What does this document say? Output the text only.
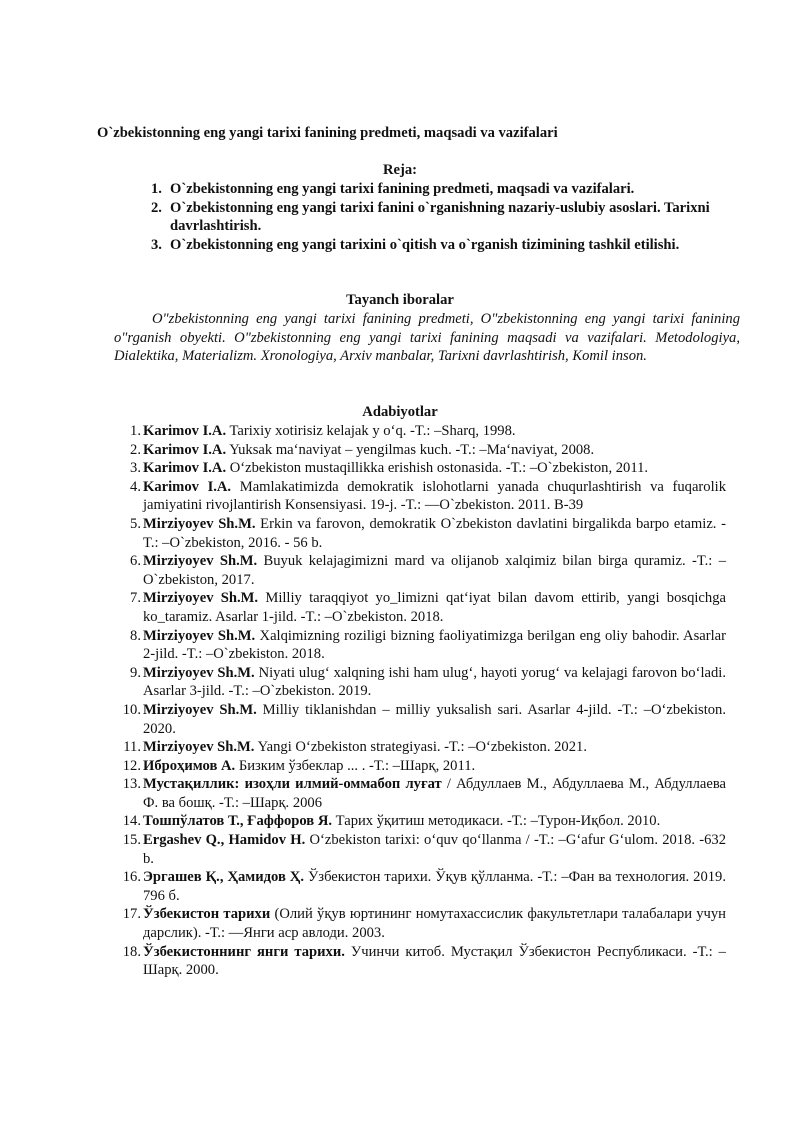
O`zbekistonning eng yangi tarixi fanining predmeti, maqsadi va vazifalari
Reja:
1. O`zbekistonning eng yangi tarixi fanining predmeti, maqsadi va vazifalari.
2. O`zbekistonning eng yangi tarixi fanini o`rganishning nazariy-uslubiy asoslari. Tarixni davrlashtirish.
3. O`zbekistonning eng yangi tarixini o`qitish va o`rganish tizimining tashkil etilishi.
Tayanch iboralar
O"zbekistonning eng yangi tarixi fanining predmeti, O"zbekistonning eng yangi tarixi fanining o"rganish obyekti. O"zbekistonning eng yangi tarixi fanining maqsadi va vazifalari. Metodologiya, Dialektika, Materializm. Xronologiya, Arxiv manbalar, Tarixni davrlashtirish, Komil inson.
Adabiyotlar
1. Karimov I.A. Tarixiy xotirisiz kelajak y o‘q. -T.: –Sharq, 1998.
2. Karimov I.A. Yuksak ma‘naviyat – yengilmas kuch. -T.: –Ma‘naviyat, 2008.
3. Karimov I.A. O‘zbekiston mustaqillikka erishish ostonasida. -T.: –O`zbekiston, 2011.
4. Karimov I.A. Mamlakatimizda demokratik islohotlarni yanada chuqurlashtirish va fuqarolik jamiyatini rivojlantirish Konsensiyasi. 19-j. -T.: ―O`zbekiston. 2011. B-39
5. Mirziyoyev Sh.M. Erkin va farovon, demokratik O`zbekiston davlatini birgalikda barpo etamiz. -T.: –O`zbekiston, 2016. - 56 b.
6. Mirziyoyev Sh.M. Buyuk kelajagimizni mard va olijanob xalqimiz bilan birga quramiz. -T.: –O`zbekiston, 2017.
7. Mirziyoyev Sh.M. Milliy taraqqiyot yo_limizni qat‘iyat bilan davom ettirib, yangi bosqichga ko_taramiz. Asarlar 1-jild. -T.: –O`zbekiston. 2018.
8. Mirziyoyev Sh.M. Xalqimizning roziligi bizning faoliyatimizga berilgan eng oliy bahodir. Asarlar 2-jild. -T.: –O`zbekiston. 2018.
9. Mirziyoyev Sh.M. Niyati ulug‘ xalqning ishi ham ulug‘, hayoti yorug‘ va kelajagi farovon bo‘ladi. Asarlar 3-jild. -T.: –O`zbekiston. 2019.
10. Mirziyoyev Sh.M. Milliy tiklanishdan – milliy yuksalish sari. Asarlar 4-jild. -T.: –O‘zbekiston. 2020.
11. Mirziyoyev Sh.M. Yangi O‘zbekiston strategiyasi. -T.: –O‘zbekiston. 2021.
12. Иброҳимов А. Бизким ўзбеклар ... . -Т.: –Шарқ, 2011.
13. Мустақиллик: изоҳли илмий-оммабоп луғат / Абдуллаев М., Абдуллаева М., Абдуллаева Ф. ва бошқ. -Т.: –Шарқ. 2006
14. Тошпўлатов Т., Ғаффоров Я. Тарих ўқитиш методикаси. -Т.: –Турон-Иқбол. 2010.
15. Ergashev Q., Hamidov H. O‘zbekiston tarixi: o‘quv qo‘llanma / -T.: –G‘afur G‘ulom. 2018. -632 b.
16. Эргашев Қ., Ҳамидов Ҳ. Ўзбекистон тарихи. Ўқув қўлланма. -Т.: –Фан ва технология. 2019. 796 б.
17. Ўзбекистон тарихи (Олий ўқув юртининг номутахассислик факультетлари талабалари учун дарслик). -Т.: ―Янги аср авлоди. 2003.
18. Ўзбекистоннинг янги тарихи. Учинчи китоб. Мустақил Ўзбекистон Республикаси. -Т.: –Шарқ. 2000.
